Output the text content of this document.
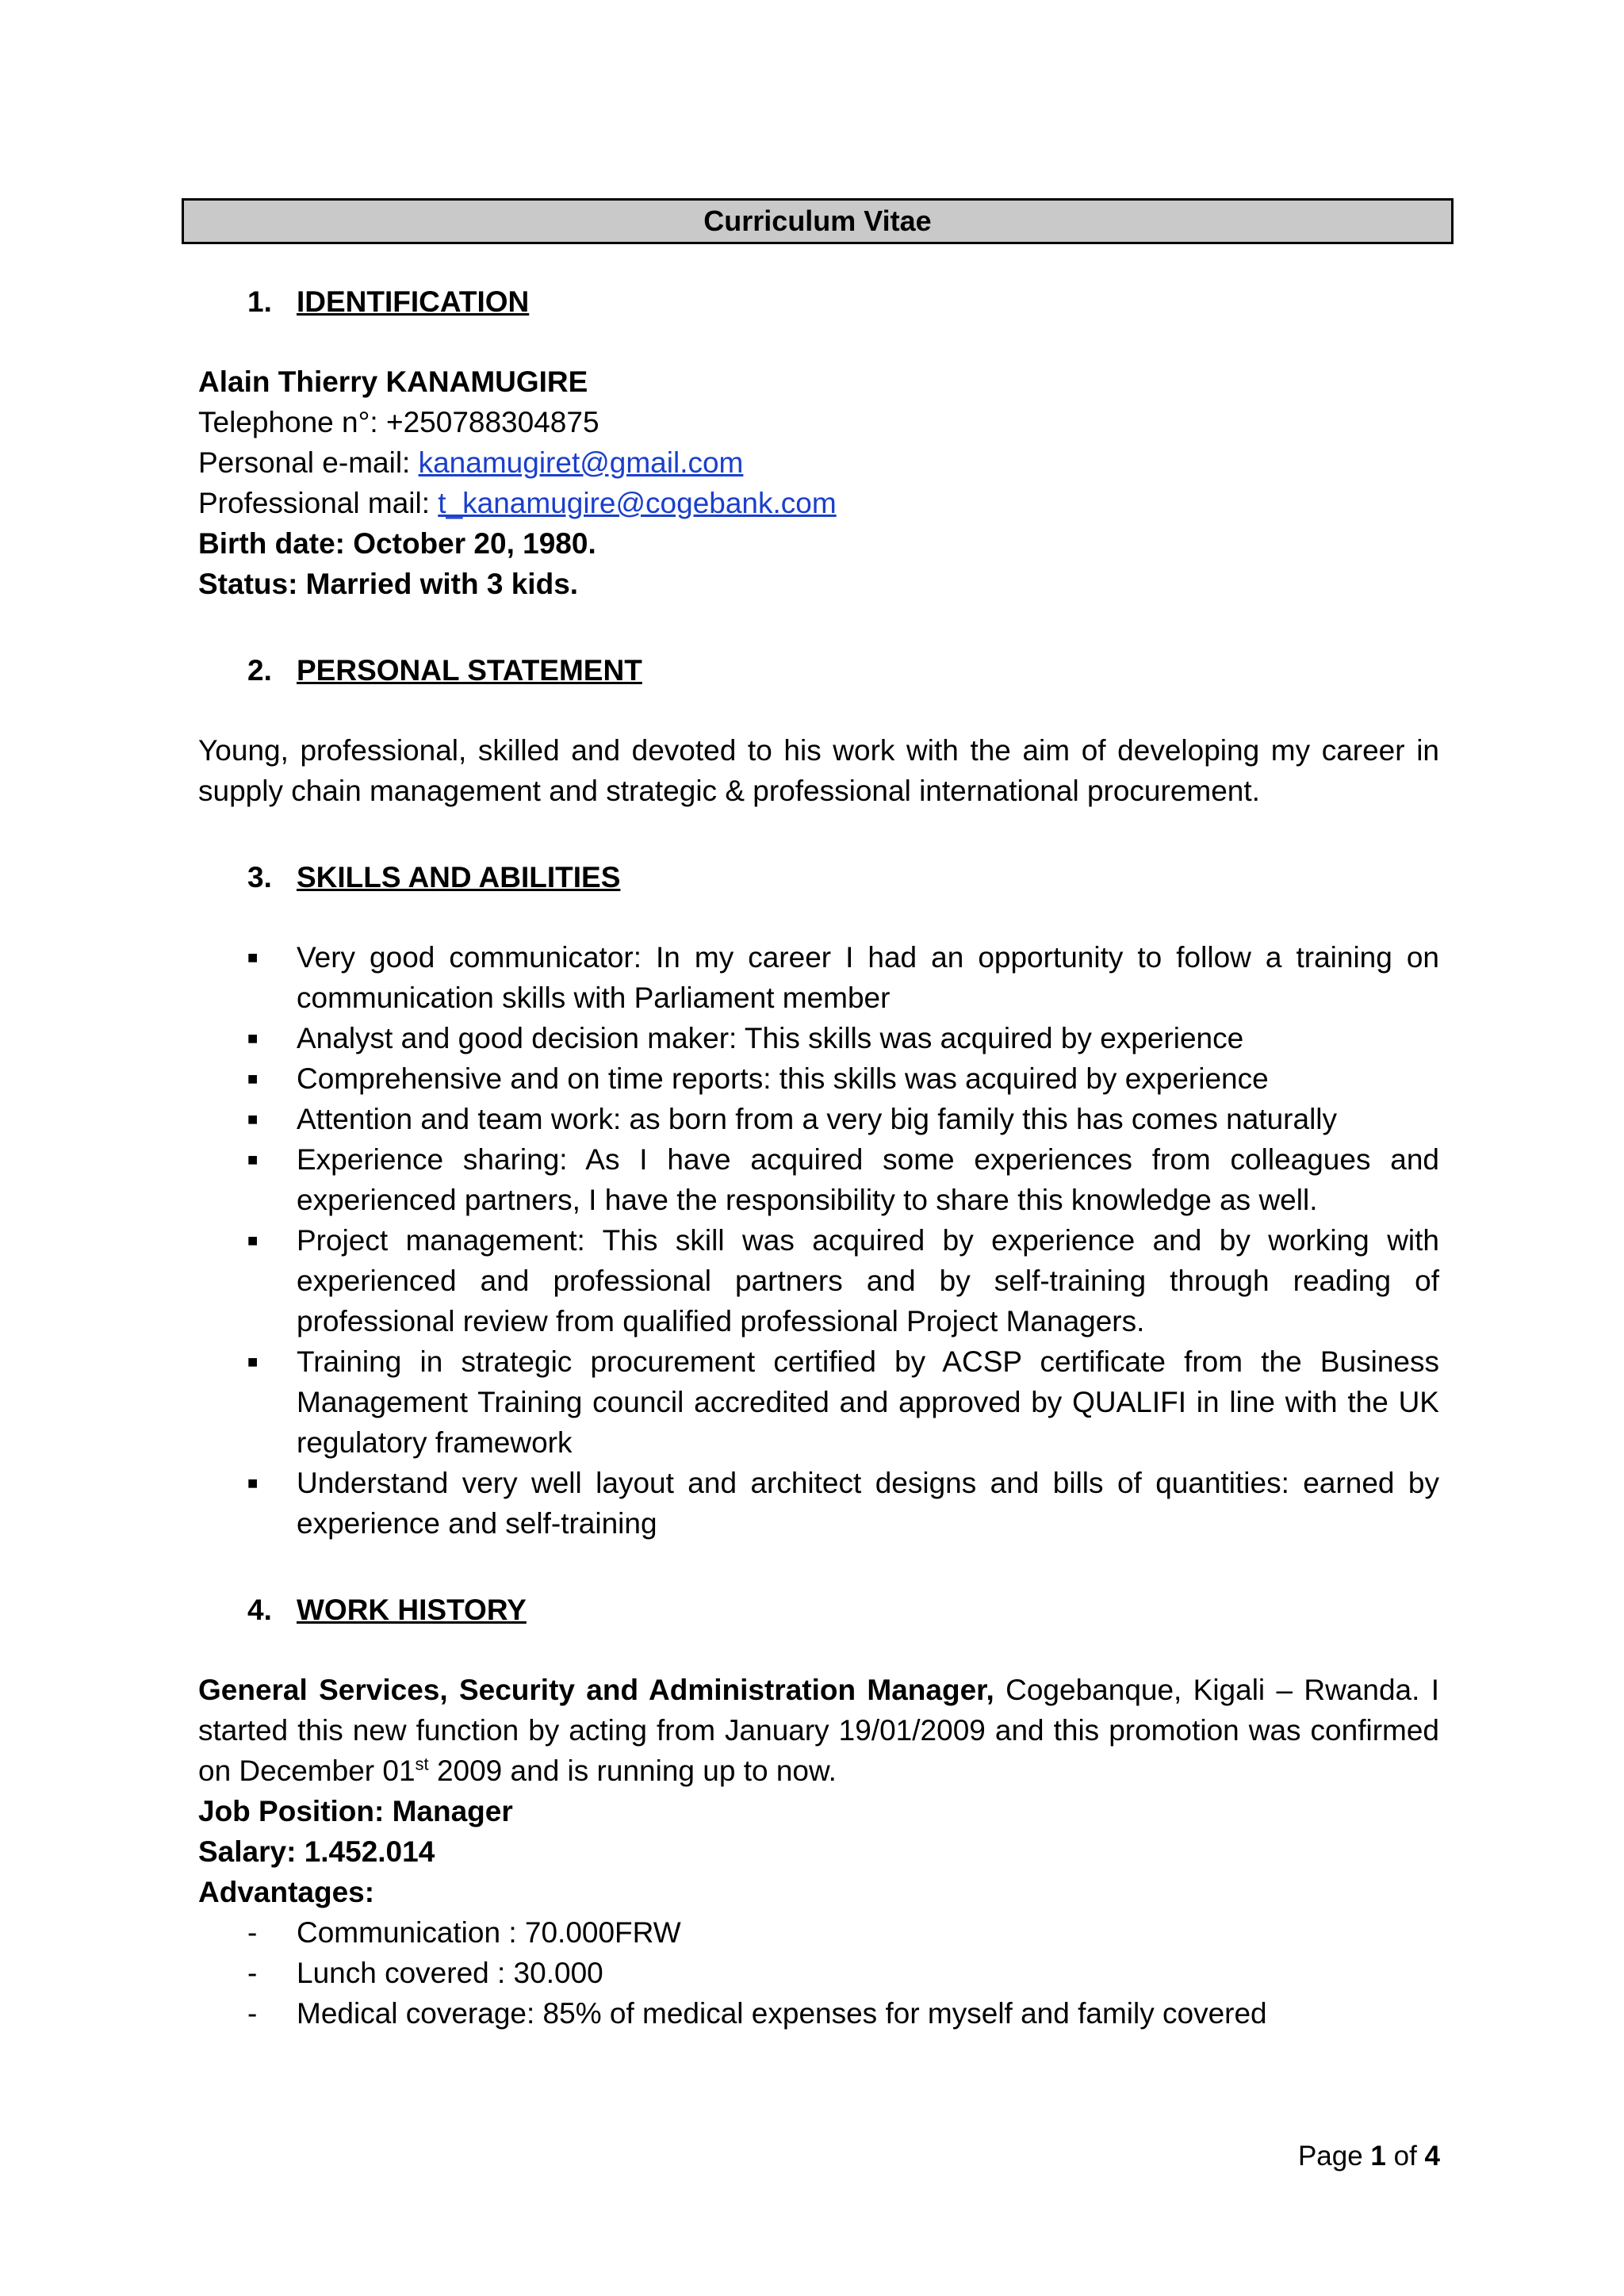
Curriculum Vitae
1. IDENTIFICATION
Alain Thierry KANAMUGIRE
Telephone n°: +250788304875
Personal e-mail: kanamugiret@gmail.com
Professional mail: t_kanamugire@cogebank.com
Birth date: October 20, 1980.
Status: Married with 3 kids.
2. PERSONAL STATEMENT
Young, professional, skilled and devoted to his work with the aim of developing my career in supply chain management and strategic & professional international procurement.
3. SKILLS AND ABILITIES
■ Very good communicator: In my career I had an opportunity to follow a training on communication skills with Parliament member
■ Analyst and good decision maker: This skills was acquired by experience
■ Comprehensive and on time reports: this skills was acquired by experience
■ Attention and team work: as born from a very big family this has comes naturally
■ Experience sharing: As I have acquired some experiences from colleagues and experienced partners, I have the responsibility to share this knowledge as well.
■ Project management: This skill was acquired by experience and by working with experienced and professional partners and by self-training through reading of professional review from qualified professional Project Managers.
■ Training in strategic procurement certified by ACSP certificate from the Business Management Training council accredited and approved by QUALIFI in line with the UK regulatory framework
■ Understand very well layout and architect designs and bills of quantities: earned by experience and self-training
4. WORK HISTORY
General Services, Security and Administration Manager, Cogebanque, Kigali – Rwanda. I started this new function by acting from January 19/01/2009 and this promotion was confirmed on December 01st 2009 and is running up to now.
Job Position: Manager
Salary: 1.452.014
Advantages:
- Communication : 70.000FRW
- Lunch covered : 30.000
- Medical coverage: 85% of medical expenses for myself and family covered
Page 1 of 4
